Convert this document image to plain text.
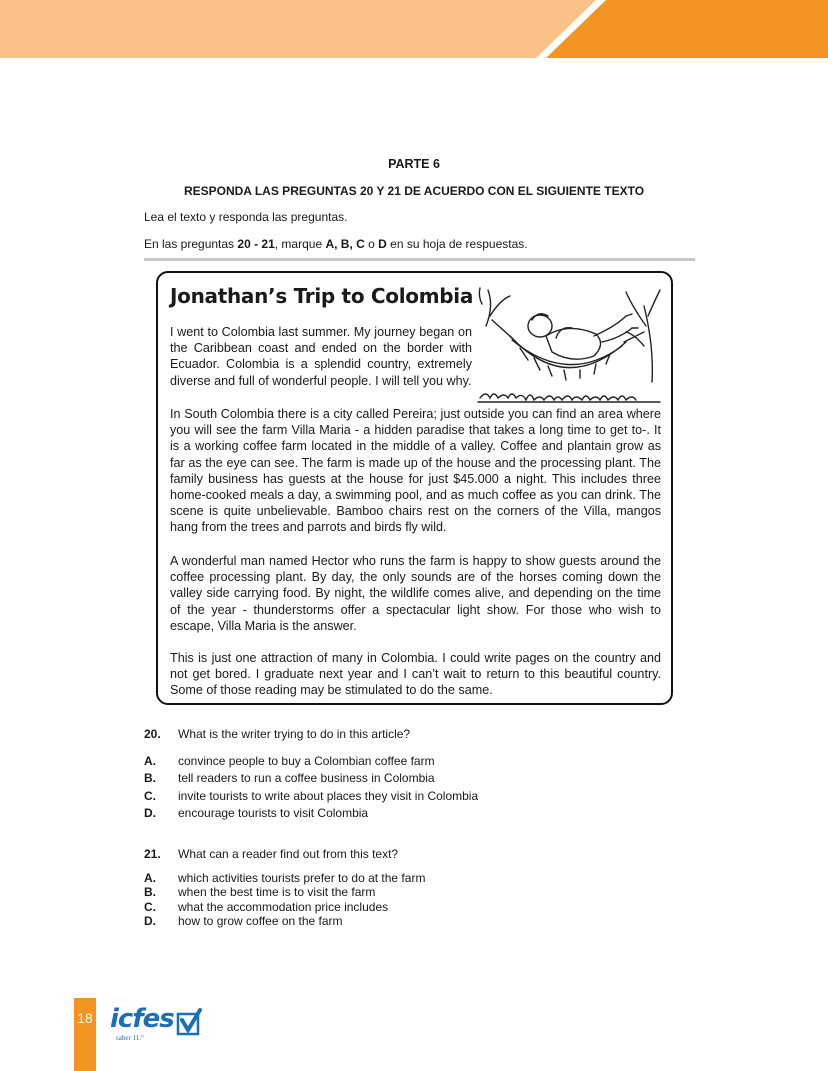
PARTE 6
RESPONDA LAS PREGUNTAS 20 Y 21 DE ACUERDO CON EL SIGUIENTE TEXTO
Lea el texto y responda las preguntas.
En las preguntas 20 - 21, marque A, B, C o D en su hoja de respuestas.
Jonathan’s Trip to Colombia

I went to Colombia last summer. My journey began on the Caribbean coast and ended on the border with Ecuador. Colombia is a splendid country, extremely diverse and full of wonderful people. I will tell you why.

In South Colombia there is a city called Pereira; just outside you can find an area where you will see the farm Villa Maria - a hidden paradise that takes a long time to get to-. It is a working coffee farm located in the middle of a valley. Coffee and plantain grow as far as the eye can see. The farm is made up of the house and the processing plant. The family business has guests at the house for just $45.000 a night. This includes three home-cooked meals a day, a swimming pool, and as much coffee as you can drink. The scene is quite unbelievable. Bamboo chairs rest on the corners of the Villa, mangos hang from the trees and parrots and birds fly wild.

A wonderful man named Hector who runs the farm is happy to show guests around the coffee processing plant. By day, the only sounds are of the horses coming down the valley side carrying food. By night, the wildlife comes alive, and depending on the time of the year - thunderstorms offer a spectacular light show. For those who wish to escape, Villa Maria is the answer.

This is just one attraction of many in Colombia. I could write pages on the country and not get bored. I graduate next year and I can’t wait to return to this beautiful country. Some of those reading may be stimulated to do the same.

20. What is the writer trying to do in this article?
A. convince people to buy a Colombian coffee farm
B. tell readers to run a coffee business in Colombia
C. invite tourists to write about places they visit in Colombia
D. encourage tourists to visit Colombia
21. What can a reader find out from this text?
A. which activities tourists prefer to do at the farm
B. when the best time is to visit the farm
C. what the accommodation price includes
D. how to grow coffee on the farm
18 icfes
saber 11.°
